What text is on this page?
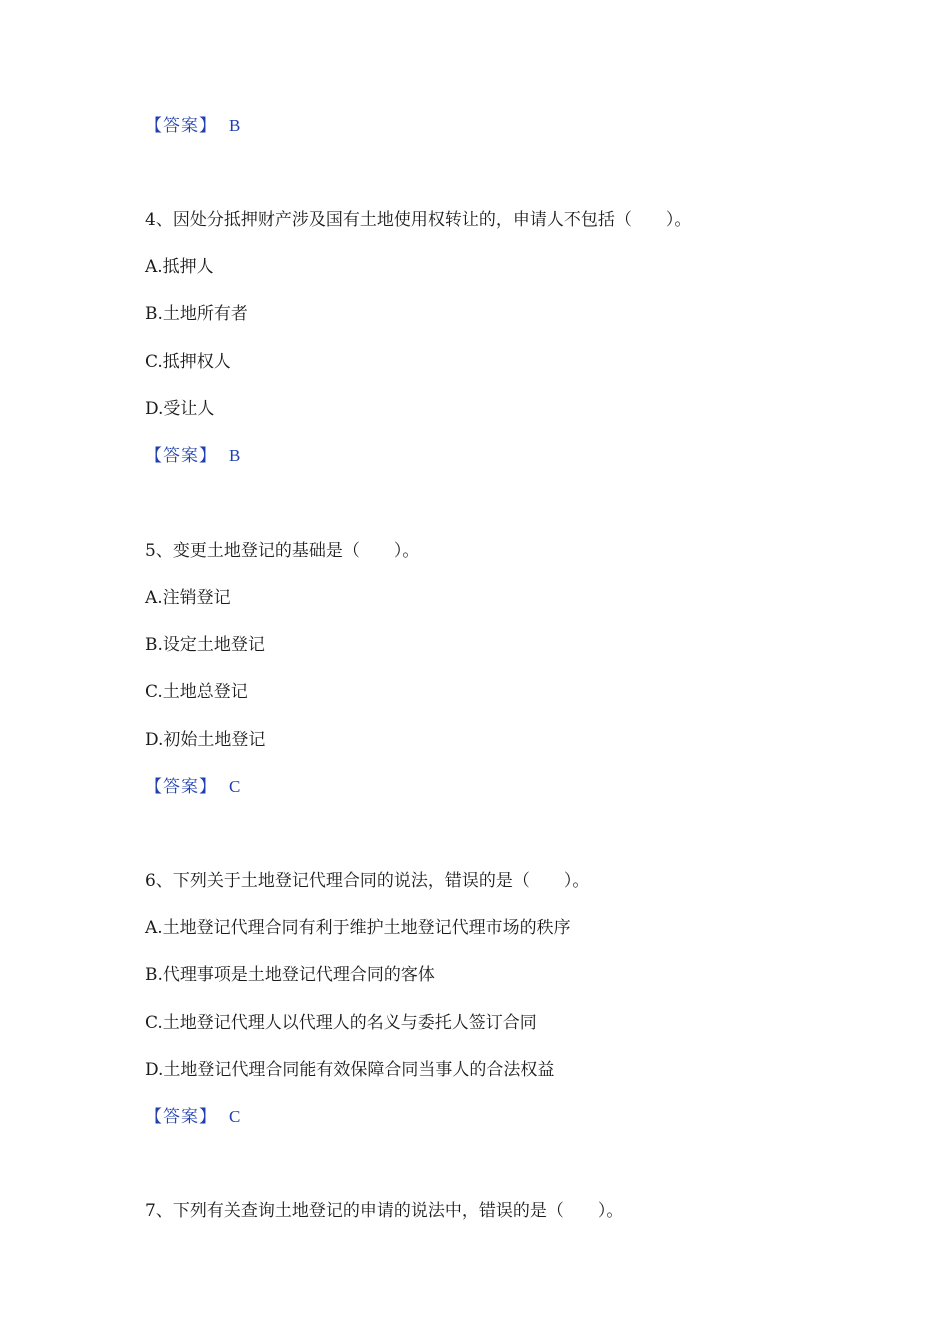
【答案】 B
4、因处分抵押财产涉及国有土地使用权转让的，申请人不包括（　　）。
A.抵押人
B.土地所有者
C.抵押权人
D.受让人
【答案】 B
5、变更土地登记的基础是（　　）。
A.注销登记
B.设定土地登记
C.土地总登记
D.初始土地登记
【答案】 C
6、下列关于土地登记代理合同的说法，错误的是（　　）。
A.土地登记代理合同有利于维护土地登记代理市场的秩序
B.代理事项是土地登记代理合同的客体
C.土地登记代理人以代理人的名义与委托人签订合同
D.土地登记代理合同能有效保障合同当事人的合法权益
【答案】 C
7、下列有关查询土地登记的申请的说法中，错误的是（　　）。
